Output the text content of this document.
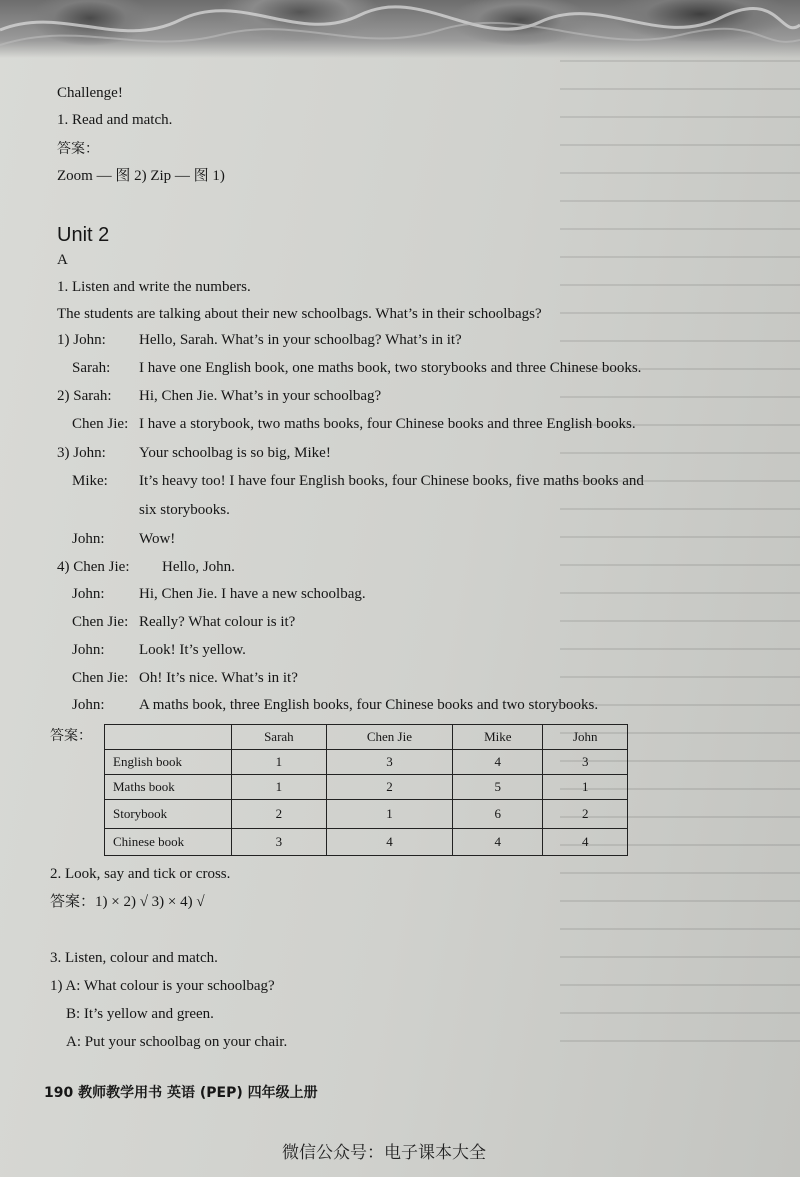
Challenge!
1. Read and match.
答案：
Zoom — 图 2) Zip — 图 1)
Unit 2
A
1. Listen and write the numbers.
The students are talking about their new schoolbags. What’s in their schoolbags?
1) John: Hello, Sarah. What’s in your schoolbag? What’s in it?
Sarah: I have one English book, one maths book, two storybooks and three Chinese books.
2) Sarah: Hi, Chen Jie. What’s in your schoolbag?
Chen Jie: I have a storybook, two maths books, four Chinese books and three English books.
3) John: Your schoolbag is so big, Mike!
Mike: It’s heavy too! I have four English books, four Chinese books, five maths books and
six storybooks.
John: Wow!
4) Chen Jie: Hello, John.
John: Hi, Chen Jie. I have a new schoolbag.
Chen Jie: Really? What colour is it?
John: Look! It’s yellow.
Chen Jie: Oh! It’s nice. What’s in it?
John: A maths book, three English books, four Chinese books and two storybooks.
答案：
		Sarah	Chen Jie	Mike	John
English book	1	3	4	3
Maths book	1	2	5	1
Storybook	2	1	6	2
Chinese book	3	4	4	4
2. Look, say and tick or cross.
答案：1) × 2) √ 3) × 4) √
3. Listen, colour and match.
1) A: What colour is your schoolbag?
B: It’s yellow and green.
A: Put your schoolbag on your chair.
190 教师教学用书 英语 (PEP) 四年级上册
微信公众号：电子课本大全
